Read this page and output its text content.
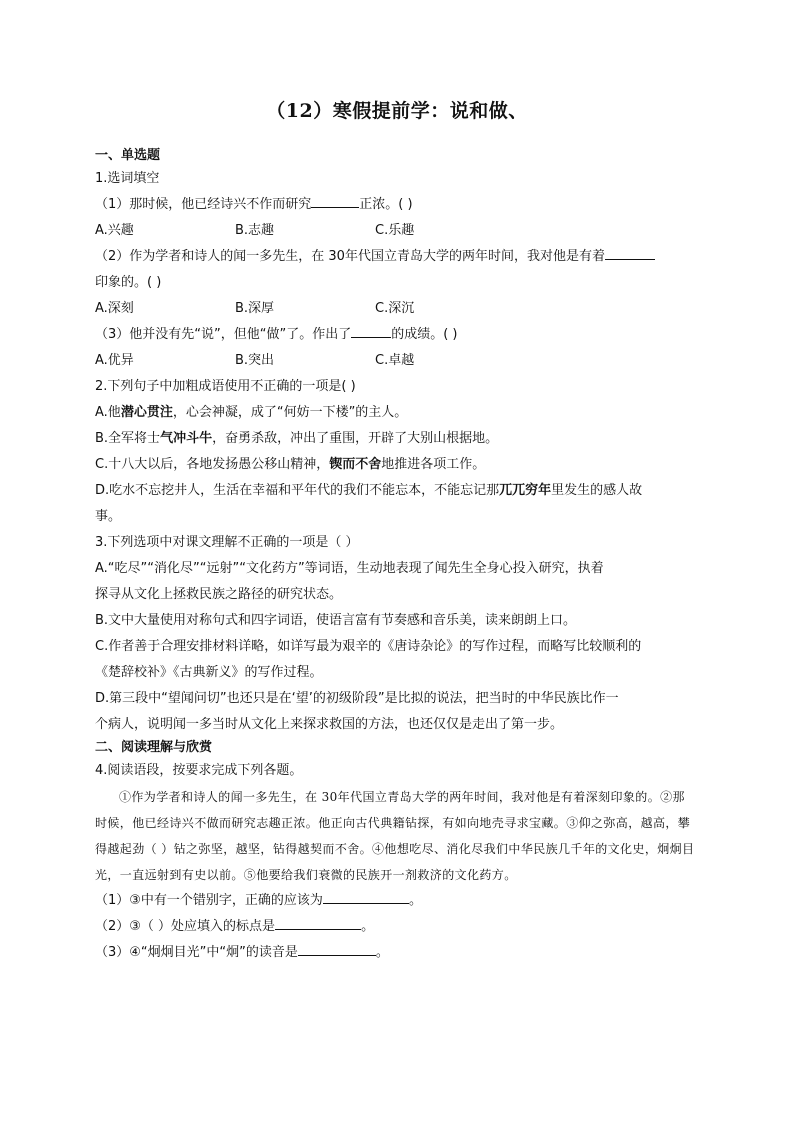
（12）寒假提前学：说和做、
一、单选题
1.选词填空
（1）那时候，他已经诗兴不作而研究	正浓。( )
A.兴趣	B.志趣	C.乐趣
（2）作为学者和诗人的闻一多先生，在 30年代国立青岛大学的两年时间，我对他是有着
印象的。( )
A.深刻	B.深厚	C.深沉
（3）他并没有先“说”，但他“做”了。作出了	的成绩。( )
A.优异	B.突出	C.卓越
2.下列句子中加粗成语使用不正确的一项是( )
A.他潜心贯注，心会神凝，成了“何妨一下楼”的主人。
B.全军将士气冲斗牛，奋勇杀敌，冲出了重围，开辟了大别山根据地。
C.十八大以后，各地发扬愚公移山精神，锲而不舍地推进各项工作。
D.吃水不忘挖井人，生活在幸福和平年代的我们不能忘本，不能忘记那兀兀穷年里发生的感人故
事。
3.下列选项中对课文理解不正确的一项是（ ）
A.“吃尽”“消化尽”“远射”“文化药方”等词语，生动地表现了闻先生全身心投入研究，执着
探寻从文化上拯救民族之路径的研究状态。
B.文中大量使用对称句式和四字词语，使语言富有节奏感和音乐美，读来朗朗上口。
C.作者善于合理安排材料详略，如详写最为艰辛的《唐诗杂论》的写作过程，而略写比较顺利的
《楚辞校补》《古典新义》的写作过程。
D.第三段中“望闻问切”也还只是在‘望’的初级阶段”是比拟的说法，把当时的中华民族比作一
个病人，说明闻一多当时从文化上来探求救国的方法，也还仅仅是走出了第一步。
二、阅读理解与欣赏
4.阅读语段，按要求完成下列各题。
①作为学者和诗人的闻一多先生，在 30年代国立青岛大学的两年时间，我对他是有着深刻印象的。②那时候，他已经诗兴不做而研究志趣正浓。他正向古代典籍钻探，有如向地壳寻求宝藏。③仰之弥高，越高，攀得越起劲（ ）钻之弥坚，越坚，钻得越契而不舍。④他想吃尽、消化尽我们中华民族几千年的文化史，炯炯目光，一直远射到有史以前。⑤他要给我们衰微的民族开一剂救济的文化药方。
（1）③中有一个错别字，正确的应该为	。
（2）③（ ）处应填入的标点是	。
（3）④“炯炯目光”中“炯”的读音是	。
